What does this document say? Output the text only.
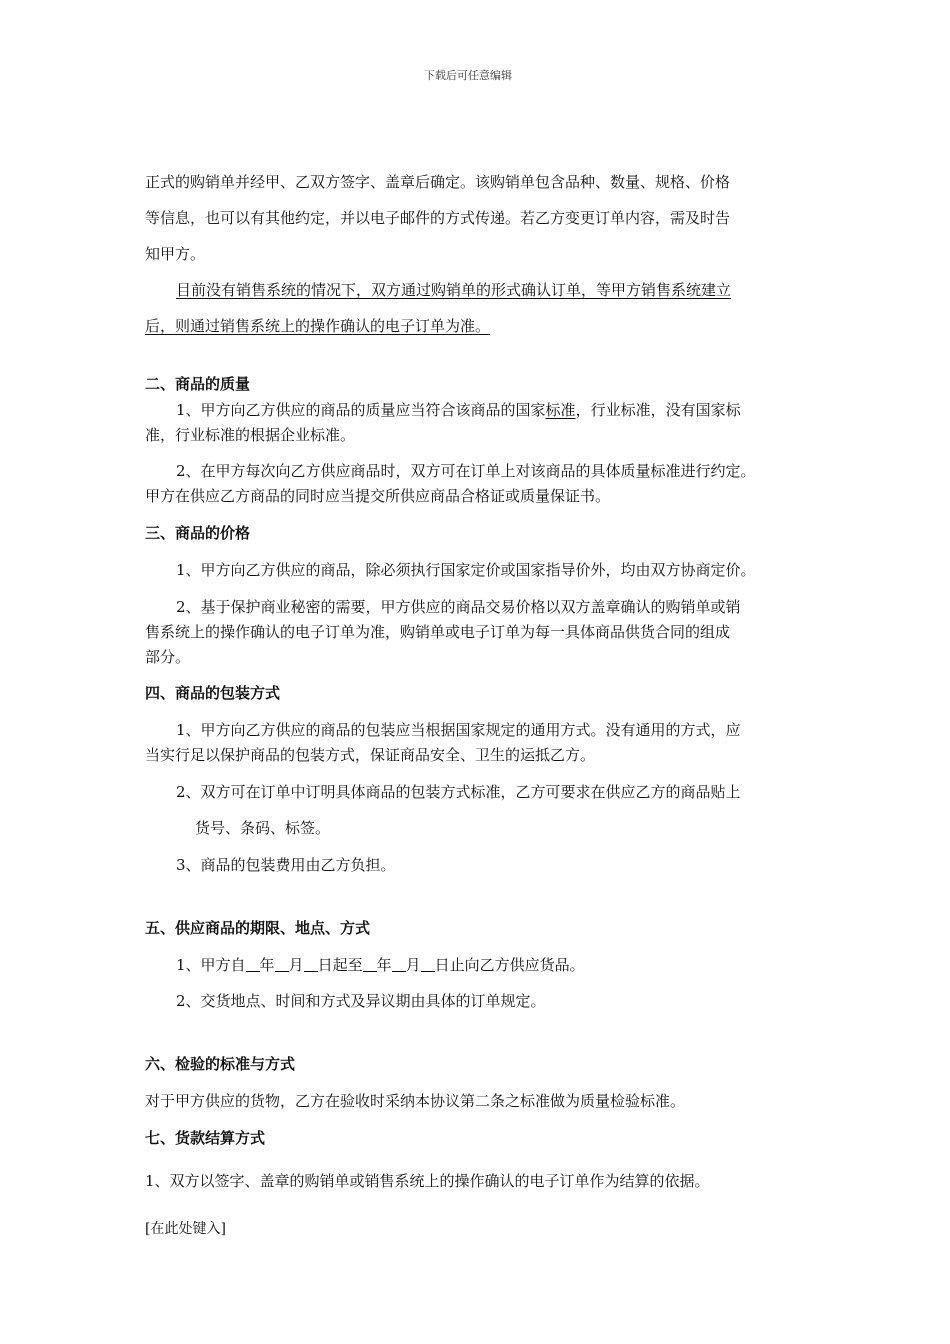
下载后可任意编辑
正式的购销单并经甲、乙双方签字、盖章后确定。该购销单包含品种、数量、规格、价格
等信息，也可以有其他约定，并以电子邮件的方式传递。若乙方变更订单内容，需及时告
知甲方。
目前没有销售系统的情况下，双方通过购销单的形式确认订单，等甲方销售系统建立
后，则通过销售系统上的操作确认的电子订单为准。
二、商品的质量
1、甲方向乙方供应的商品的质量应当符合该商品的国家标准，行业标准，没有国家标
准，行业标准的根据企业标准。
2、在甲方每次向乙方供应商品时，双方可在订单上对该商品的具体质量标准进行约定。
甲方在供应乙方商品的同时应当提交所供应商品合格证或质量保证书。
三、商品的价格
1、甲方向乙方供应的商品，除必须执行国家定价或国家指导价外，均由双方协商定价。
2、基于保护商业秘密的需要，甲方供应的商品交易价格以双方盖章确认的购销单或销
售系统上的操作确认的电子订单为准，购销单或电子订单为每一具体商品供货合同的组成
部分。
四、商品的包装方式
1、甲方向乙方供应的商品的包装应当根据国家规定的通用方式。没有通用的方式，应
当实行足以保护商品的包装方式，保证商品安全、卫生的运抵乙方。
2、双方可在订单中订明具体商品的包装方式标准，乙方可要求在供应乙方的商品贴上
货号、条码、标签。
3、商品的包装费用由乙方负担。
五、供应商品的期限、地点、方式
1、甲方自 年 月 日起至 年 月 日止向乙方供应货品。
2、交货地点、时间和方式及异议期由具体的订单规定。
六、检验的标准与方式
对于甲方供应的货物，乙方在验收时采纳本协议第二条之标准做为质量检验标准。
七、货款结算方式
1、双方以签字、盖章的购销单或销售系统上的操作确认的电子订单作为结算的依据。
[在此处键入]
